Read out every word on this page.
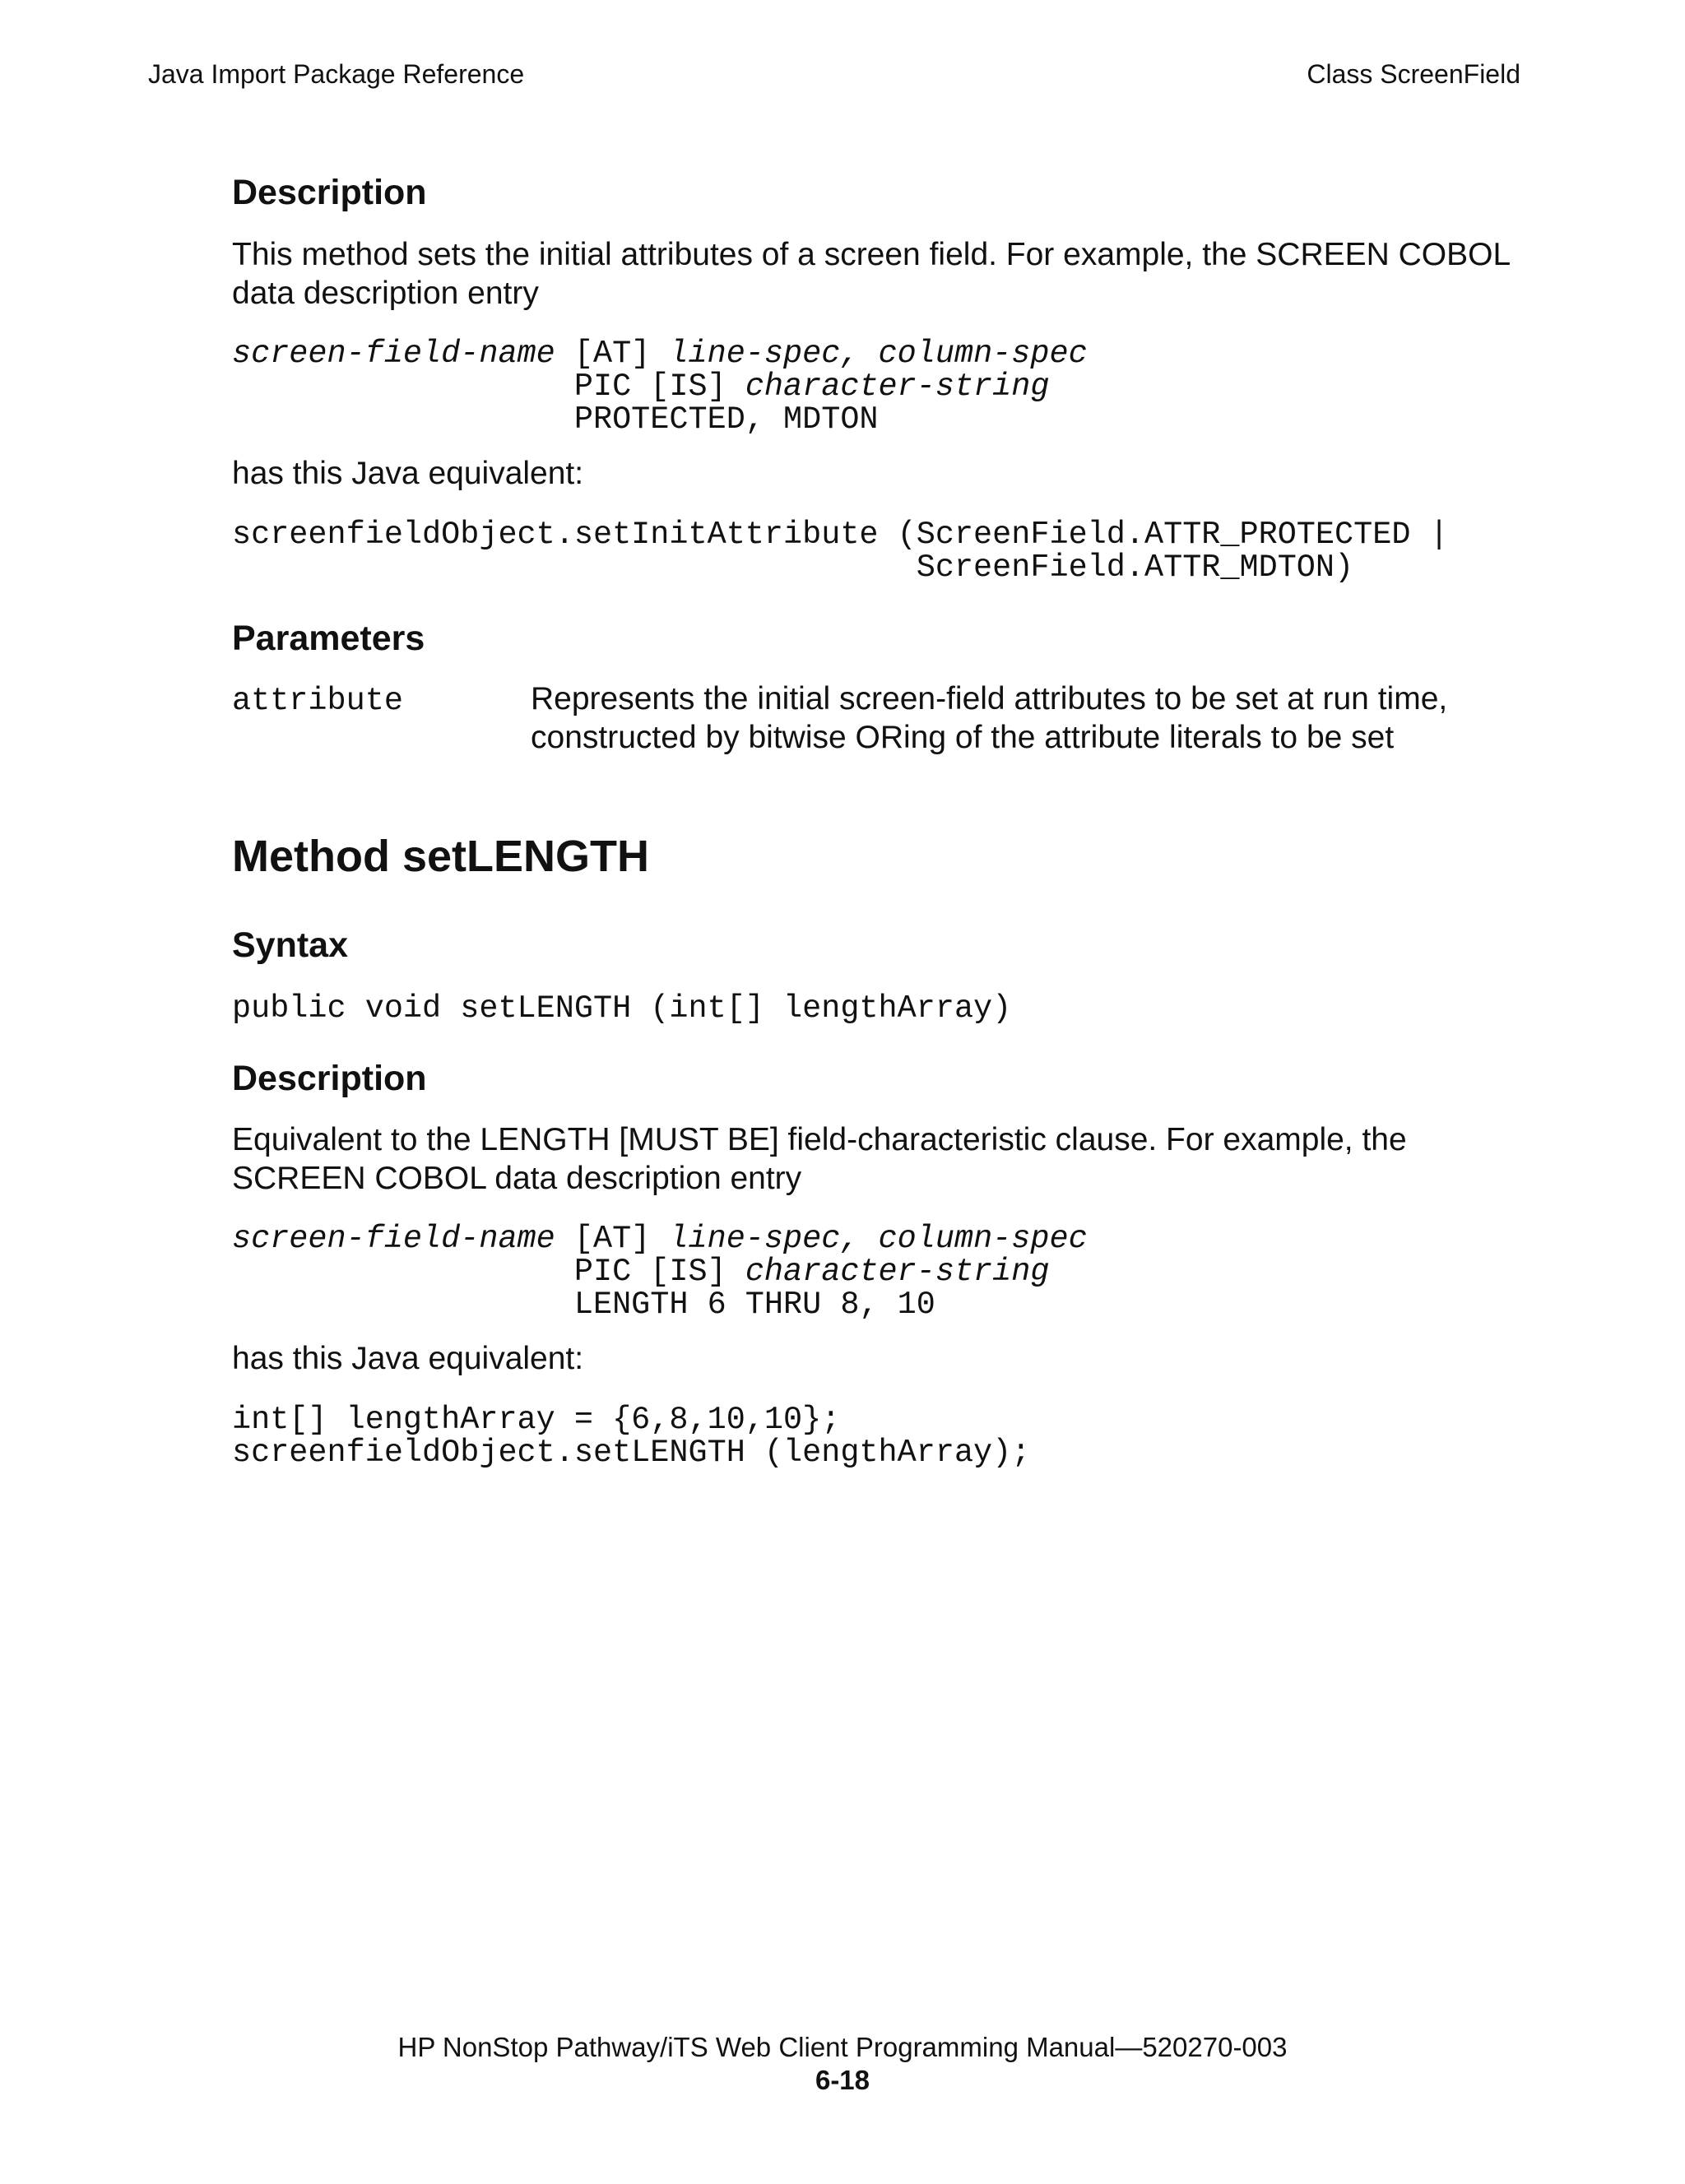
Java Import Package Reference	Class ScreenField
Description

This method sets the initial attributes of a screen field. For example, the SCREEN COBOL data description entry

screen-field-name [AT] line-spec, column-spec
PIC [IS] character-string
PROTECTED, MDTON

has this Java equivalent:

screenfieldObject.setInitAttribute (ScreenField.ATTR_PROTECTED |
ScreenField.ATTR_MDTON)
Parameters
attribute	Represents the initial screen-field attributes to be set at run time, constructed by bitwise ORing of the attribute literals to be set
Method setLENGTH
Syntax
public void setLENGTH (int[] lengthArray)
Description

Equivalent to the LENGTH [MUST BE] field-characteristic clause. For example, the SCREEN COBOL data description entry

screen-field-name [AT] line-spec, column-spec
PIC [IS] character-string
LENGTH 6 THRU 8, 10

has this Java equivalent:

int[] lengthArray = {6,8,10,10};
screenfieldObject.setLENGTH (lengthArray);
HP NonStop Pathway/iTS Web Client Programming Manual—520270-003
6-18
